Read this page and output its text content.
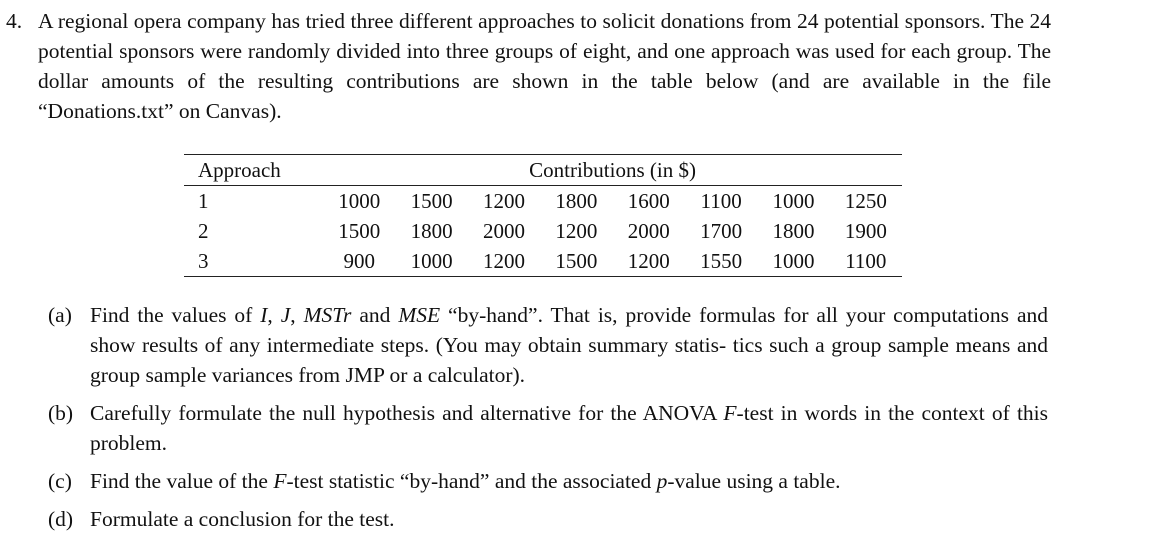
4. A regional opera company has tried three different approaches to solicit donations from 24 potential sponsors. The 24 potential sponsors were randomly divided into three groups of eight, and one approach was used for each group. The dollar amounts of the resulting contributions are shown in the table below (and are available in the file “Donations.txt” on Canvas).
Approach	Contributions (in $)							
1	1000	1500	1200	1800	1600	1100	1000	1250
2	1500	1800	2000	1200	2000	1700	1800	1900
3	900	1000	1200	1500	1200	1550	1000	1100
(a) Find the values of I, J, MSTr and MSE “by-hand”. That is, provide formulas for all your computations and show results of any intermediate steps. (You may obtain summary statis- tics such a group sample means and group sample variances from JMP or a calculator).
(b) Carefully formulate the null hypothesis and alternative for the ANOVA F-test in words in the context of this problem.
(c) Find the value of the F-test statistic “by-hand” and the associated p-value using a table.
(d) Formulate a conclusion for the test.
